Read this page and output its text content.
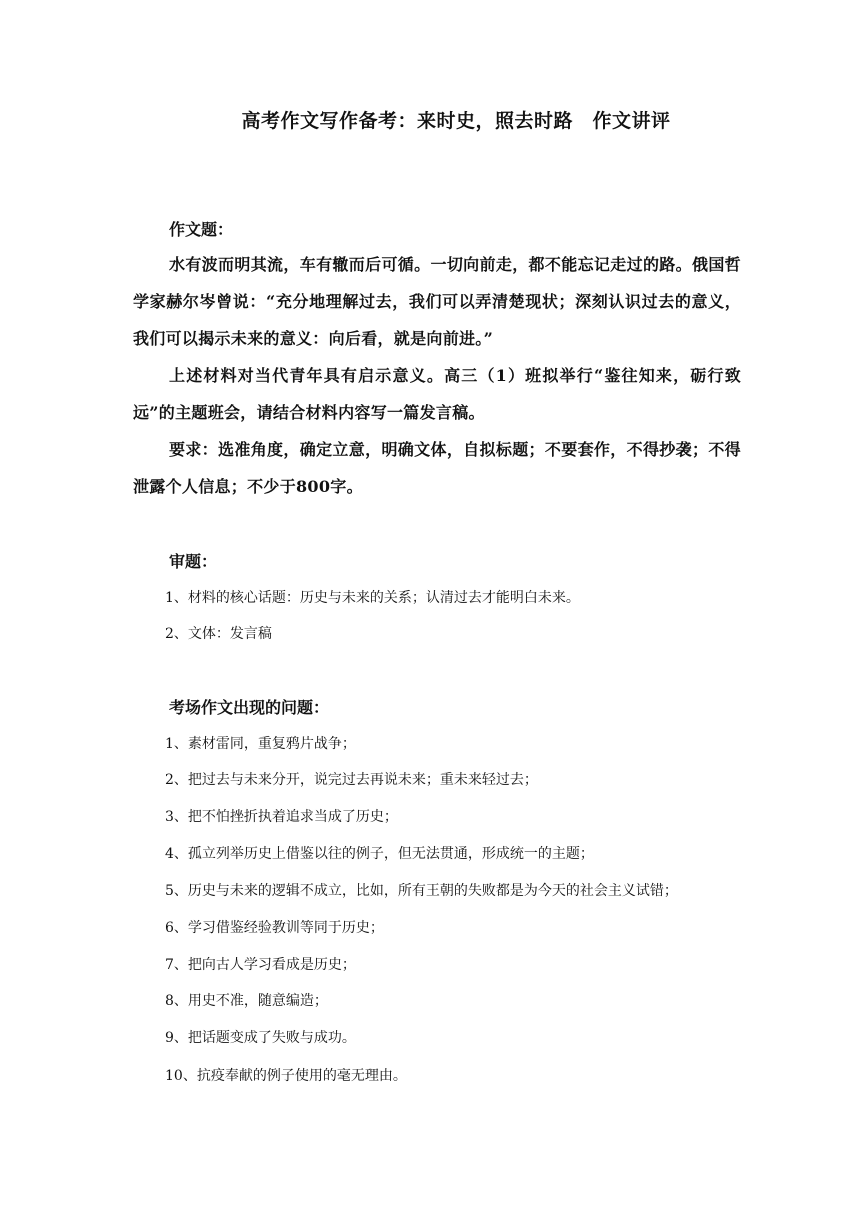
高考作文写作备考：来时史，照去时路　作文讲评
作文题：
水有波而明其流，车有辙而后可循。一切向前走，都不能忘记走过的路。俄国哲学家赫尔岑曾说：“充分地理解过去，我们可以弄清楚现状；深刻认识过去的意义，我们可以揭示未来的意义：向后看，就是向前进。”
上述材料对当代青年具有启示意义。高三（1）班拟举行“鉴往知来，砺行致远”的主题班会，请结合材料内容写一篇发言稿。
要求：选准角度，确定立意，明确文体，自拟标题；不要套作，不得抄袭；不得泄露个人信息；不少于800字。
审题：
1、材料的核心话题：历史与未来的关系；认清过去才能明白未来。
2、文体：发言稿
考场作文出现的问题：
1、素材雷同，重复鸦片战争；
2、把过去与未来分开，说完过去再说未来；重未来轻过去；
3、把不怕挫折执着追求当成了历史；
4、孤立列举历史上借鉴以往的例子，但无法贯通，形成统一的主题；
5、历史与未来的逻辑不成立，比如，所有王朝的失败都是为今天的社会主义试错；
6、学习借鉴经验教训等同于历史；
7、把向古人学习看成是历史；
8、用史不准，随意编造；
9、把话题变成了失败与成功。
10、抗疫奉献的例子使用的毫无理由。
